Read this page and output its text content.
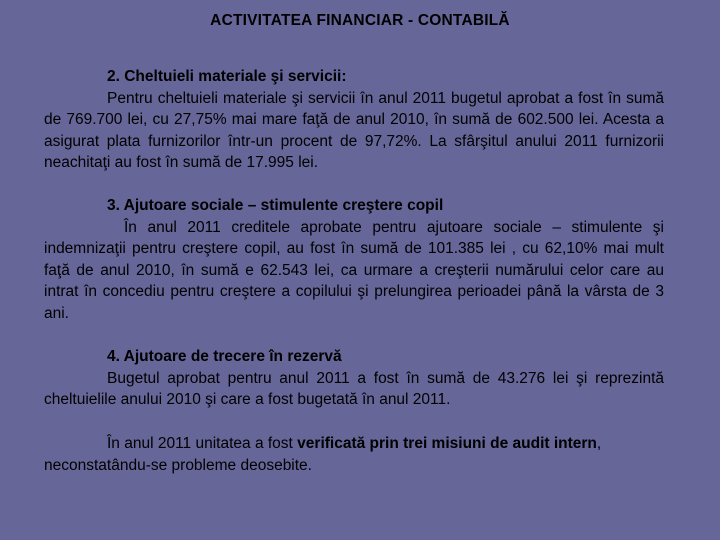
ACTIVITATEA FINANCIAR - CONTABILĂ
2. Cheltuieli materiale şi servicii:
Pentru cheltuieli materiale şi servicii în anul 2011 bugetul aprobat a fost în sumă de 769.700 lei, cu 27,75% mai mare faţă de anul 2010, în sumă de 602.500 lei. Acesta a asigurat plata furnizorilor într-un procent de 97,72%. La sfârşitul anului 2011 furnizorii neachitaţi au fost în sumă de 17.995 lei.
3. Ajutoare sociale – stimulente creştere copil
În anul 2011 creditele aprobate pentru ajutoare sociale – stimulente şi indemnizaţii pentru creştere copil, au fost în sumă de 101.385 lei , cu 62,10% mai mult faţă de anul 2010, în sumă e 62.543 lei, ca urmare a creşterii numărului celor care au intrat în concediu pentru creştere a copilului şi prelungirea perioadei până la vârsta de 3 ani.
4. Ajutoare de trecere în rezervă
Bugetul aprobat pentru anul 2011 a fost în sumă de 43.276 lei şi reprezintă cheltuielile anului 2010 şi care a fost bugetată în anul 2011.
În anul 2011 unitatea a fost verificată prin trei misiuni de audit intern, neconstatându-se probleme deosebite.
